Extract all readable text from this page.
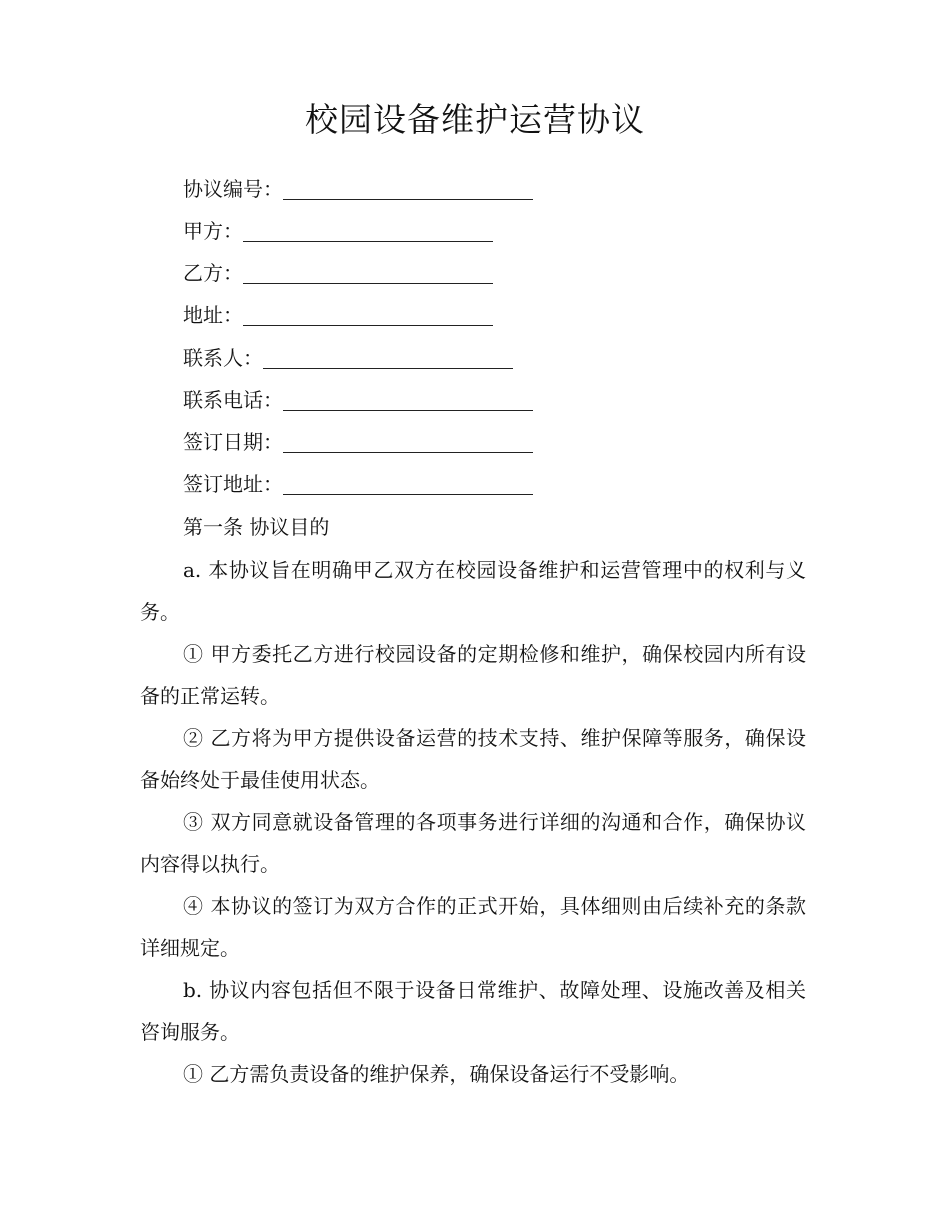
校园设备维护运营协议
协议编号：
甲方：
乙方：
地址：
联系人：
联系电话：
签订日期：
签订地址：
第一条 协议目的

a. 本协议旨在明确甲乙双方在校园设备维护和运营管理中的权利与义务。

① 甲方委托乙方进行校园设备的定期检修和维护，确保校园内所有设备的正常运转。

② 乙方将为甲方提供设备运营的技术支持、维护保障等服务，确保设备始终处于最佳使用状态。

③ 双方同意就设备管理的各项事务进行详细的沟通和合作，确保协议内容得以执行。

④ 本协议的签订为双方合作的正式开始，具体细则由后续补充的条款详细规定。

b. 协议内容包括但不限于设备日常维护、故障处理、设施改善及相关咨询服务。

① 乙方需负责设备的维护保养，确保设备运行不受影响。
